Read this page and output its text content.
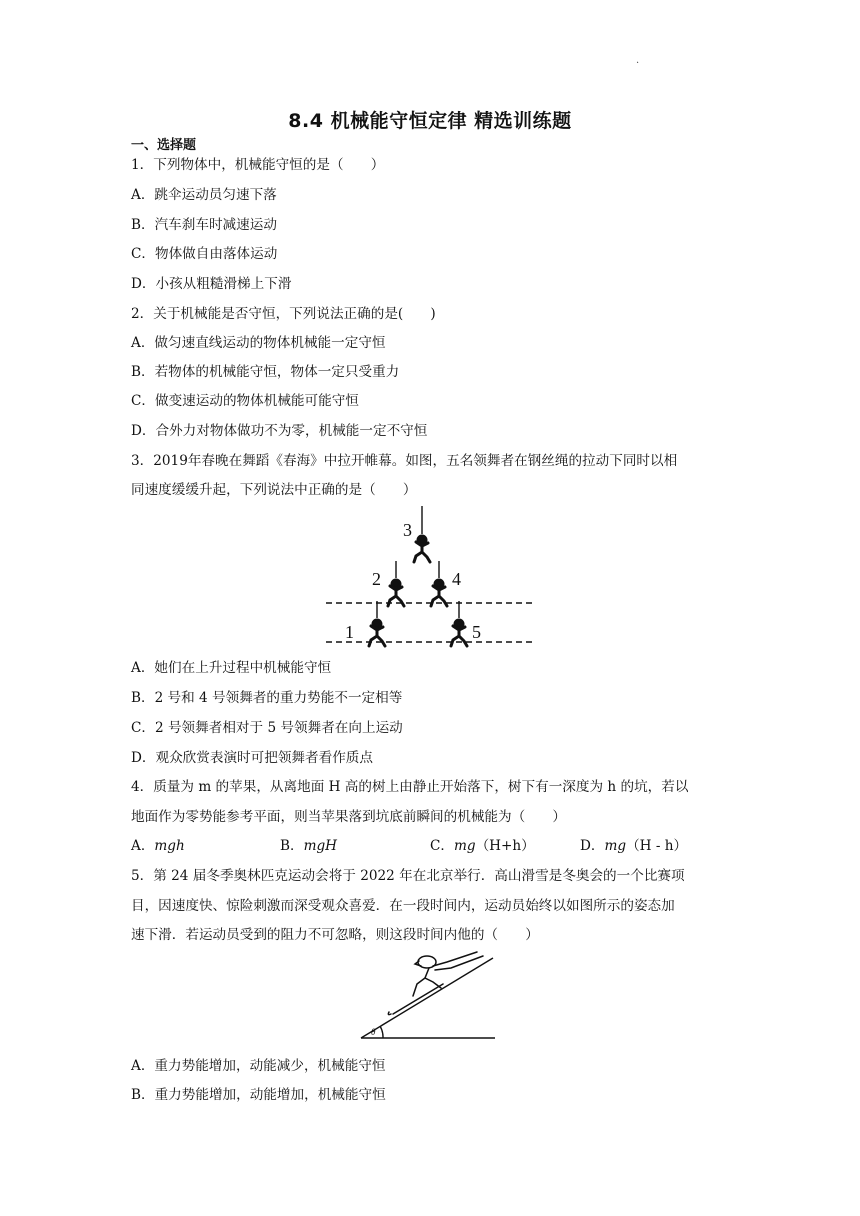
·
8.4 机械能守恒定律 精选训练题
一、选择题
1．下列物体中，机械能守恒的是（　　）
A．跳伞运动员匀速下落
B．汽车刹车时减速运动
C．物体做自由落体运动
D．小孩从粗糙滑梯上下滑
2．关于机械能是否守恒，下列说法正确的是(　　)
A．做匀速直线运动的物体机械能一定守恒
B．若物体的机械能守恒，物体一定只受重力
C．做变速运动的物体机械能可能守恒
D．合外力对物体做功不为零，机械能一定不守恒
3．2019年春晚在舞蹈《春海》中拉开帷幕。如图，五名领舞者在钢丝绳的拉动下同时以相
同速度缓缓升起，下列说法中正确的是（　　）
1
2
3
4
5
A．她们在上升过程中机械能守恒
B．2 号和 4 号领舞者的重力势能不一定相等
C．2 号领舞者相对于 5 号领舞者在向上运动
D．观众欣赏表演时可把领舞者看作质点
4．质量为 m 的苹果，从离地面 H 高的树上由静止开始落下，树下有一深度为 h 的坑，若以
地面作为零势能参考平面，则当苹果落到坑底前瞬间的机械能为（　　）
A．mgh	B．mgH	C．mg（H+h）	D．mg（H - h）
5．第 24 届冬季奥林匹克运动会将于 2022 年在北京举行．高山滑雪是冬奥会的一个比赛项
目，因速度快、惊险刺激而深受观众喜爱．在一段时间内，运动员始终以如图所示的姿态加
速下滑．若运动员受到的阻力不可忽略，则这段时间内他的（　　）
θ
A．重力势能增加，动能减少，机械能守恒
B．重力势能增加，动能增加，机械能守恒
